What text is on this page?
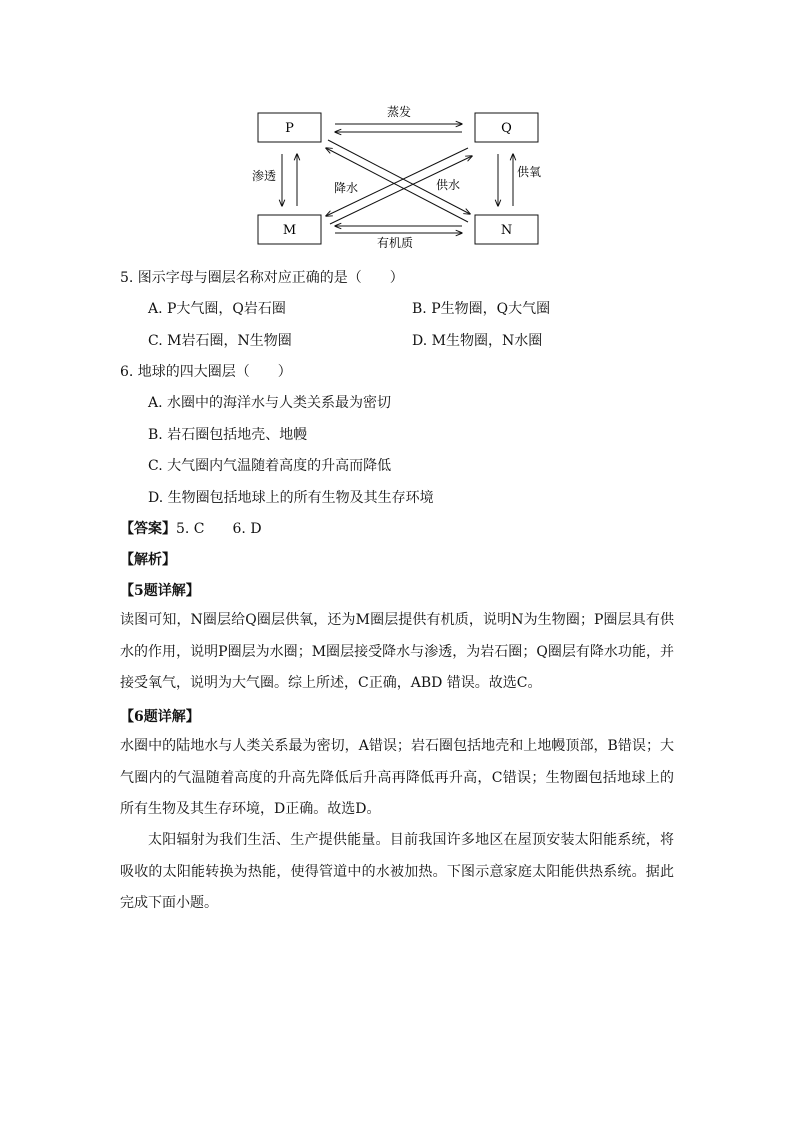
P	Q
M	N
蒸发
有机质
渗透	供氧
降水	供水
5. 图示字母与圈层名称对应正确的是（　　）
A. P大气圈，Q岩石圈	B. P生物圈，Q大气圈
C. M岩石圈，N生物圈	D. M生物圈，N水圈
6. 地球的四大圈层（　　）
A. 水圈中的海洋水与人类关系最为密切
B. 岩石圈包括地壳、地幔
C. 大气圈内气温随着高度的升高而降低
D. 生物圈包括地球上的所有生物及其生存环境
【答案】5. C　　6. D
【解析】
【5题详解】
读图可知，N圈层给Q圈层供氧，还为M圈层提供有机质，说明N为生物圈；P圈层具有供水的作用，说明P圈层为水圈；M圈层接受降水与渗透，为岩石圈；Q圈层有降水功能，并接受氧气，说明为大气圈。综上所述，C正确，ABD 错误。故选C。
【6题详解】
水圈中的陆地水与人类关系最为密切，A错误；岩石圈包括地壳和上地幔顶部，B错误；大气圈内的气温随着高度的升高先降低后升高再降低再升高，C错误；生物圈包括地球上的所有生物及其生存环境，D正确。故选D。
太阳辐射为我们生活、生产提供能量。目前我国许多地区在屋顶安装太阳能系统，将吸收的太阳能转换为热能，使得管道中的水被加热。下图示意家庭太阳能供热系统。据此完成下面小题。
